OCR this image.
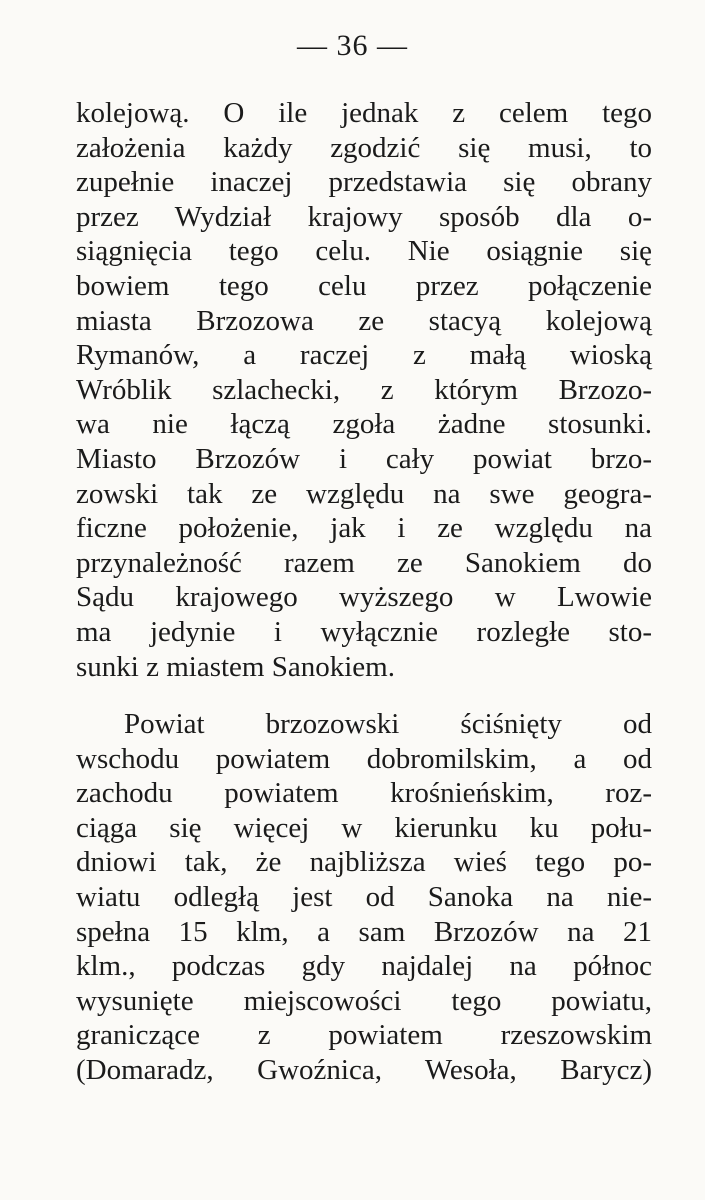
— 36 —
kolejową. O ile jednak z celem tego
założenia każdy zgodzić się musi, to
zupełnie inaczej przedstawia się obrany
przez Wydział krajowy sposób dla o-
siągnięcia tego celu. Nie osiągnie się
bowiem tego celu przez połączenie
miasta Brzozowa ze stacyą kolejową
Rymanów, a raczej z małą wioską
Wróblik szlachecki, z którym Brzozo-
wa nie łączą zgoła żadne stosunki.
Miasto Brzozów i cały powiat brzo-
zowski tak ze względu na swe geogra-
ficzne położenie, jak i ze względu na
przynależność razem ze Sanokiem do
Sądu krajowego wyższego w Lwowie
ma jedynie i wyłącznie rozległe sto-
sunki z miastem Sanokiem.
Powiat brzozowski ściśnięty od
wschodu powiatem dobromilskim, a od
zachodu powiatem krośnieńskim, roz-
ciąga się więcej w kierunku ku połu-
dniowi tak, że najbliższa wieś tego po-
wiatu odległą jest od Sanoka na nie-
spełna 15 klm, a sam Brzozów na 21
klm., podczas gdy najdalej na północ
wysunięte miejscowości tego powiatu,
graniczące z powiatem rzeszowskim
(Domaradz, Gwoźnica, Wesoła, Barycz)
